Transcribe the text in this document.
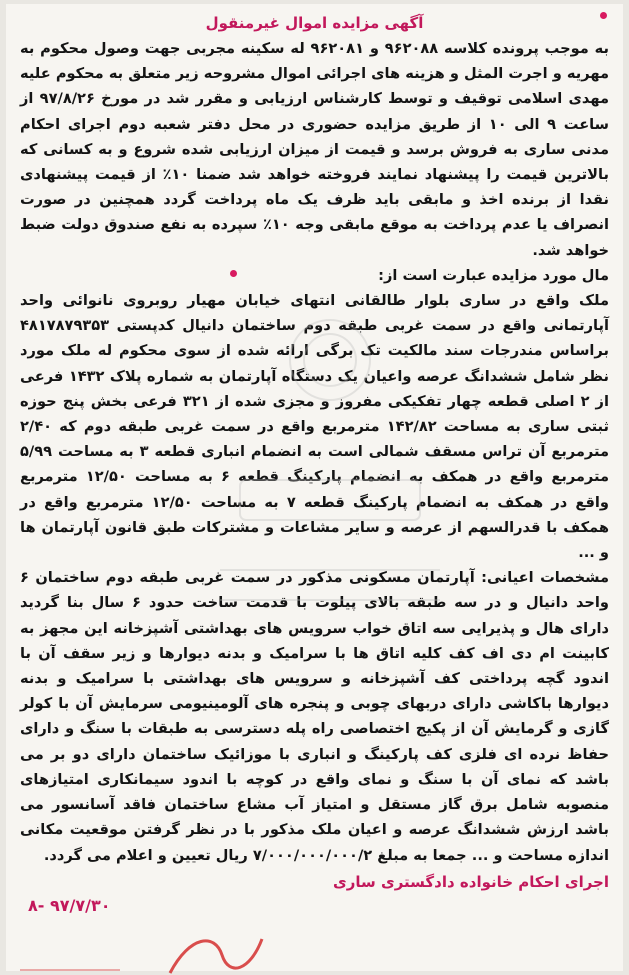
آگهی مزایده اموال غیرمنقول

به موجب پرونده کلاسه ۹۶۲۰۸۸ و ۹۶۲۰۸۱ له سکینه مجربی جهت وصول محکوم به مهریه و اجرت المثل و هزینه های اجرائی اموال مشروحه زیر متعلق به محکوم علیه مهدی اسلامی توقیف و توسط کارشناس ارزیابی و مقرر شد در مورخ ۹۷/۸/۲۶ از ساعت ۹ الی ۱۰ از طریق مزایده حضوری در محل دفتر شعبه دوم اجرای احکام مدنی ساری به فروش برسد و قیمت از میزان ارزیابی شده شروع و به کسانی که بالاترین قیمت را پیشنهاد نمایند فروخته خواهد شد ضمنا ۱۰٪ از قیمت پیشنهادی نقدا از برنده اخذ و مابقی باید ظرف یک ماه پرداخت گردد همچنین در صورت انصراف یا عدم پرداخت به موقع مابقی وجه ۱۰٪ سپرده به نفع صندوق دولت ضبط خواهد شد.

مال مورد مزایده عبارت است از:

ملک واقع در ساری بلوار طالقانی انتهای خیابان مهیار روبروی نانوائی واحد آپارتمانی واقع در سمت غربی طبقه دوم ساختمان دانیال کدپستی ۴۸۱۷۸۷۹۳۵۳ براساس مندرجات سند مالکیت تک برگی ارائه شده از سوی محکوم له ملک مورد نظر شامل ششدانگ عرصه واعیان یک دستگاه آپارتمان به شماره پلاک ۱۴۳۲ فرعی از ۲ اصلی قطعه چهار تفکیکی مفروز و مجزی شده از ۳۲۱ فرعی بخش پنج حوزه ثبتی ساری به مساحت ۱۴۲/۸۲ مترمربع واقع در سمت غربی طبقه دوم که ۲/۴۰ مترمربع آن تراس مسقف شمالی است به انضمام انباری قطعه ۳ به مساحت ۵/۹۹ مترمربع واقع در همکف به انضمام پارکینگ قطعه ۶ به مساحت ۱۲/۵۰ مترمربع واقع در همکف به انضمام پارکینگ قطعه ۷ به مساحت ۱۲/۵۰ مترمربع واقع در همکف با قدرالسهم از عرصه و سایر مشاعات و مشترکات طبق قانون آپارتمان ها و ...

مشخصات اعیانی: آپارتمان مسکونی مذکور در سمت غربی طبقه دوم ساختمان ۶ واحد دانیال و در سه طبقه بالای پیلوت با قدمت ساخت حدود ۶ سال بنا گردید دارای هال و پذیرایی سه اتاق خواب سرویس های بهداشتی آشپزخانه این مجهز به کابینت ام دی اف کف کلیه اتاق ها با سرامیک و بدنه دیوارها و زیر سقف آن با اندود گچه پرداختی کف آشپزخانه و سرویس های بهداشتی با سرامیک و بدنه دیوارها باکاشی دارای دربهای چوبی و پنجره های آلومینیومی سرمایش آن با کولر گازی و گرمایش آن از پکیج اختصاصی راه پله دسترسی به طبقات با سنگ و دارای حفاظ نرده ای فلزی کف پارکینگ و انباری با موزائیک ساختمان دارای دو بر می باشد که نمای آن با سنگ و نمای واقع در کوچه با اندود سیمانکاری امتیازهای منصوبه شامل برق گاز مستقل و امتیاز آب مشاع ساختمان فاقد آسانسور می باشد ارزش ششدانگ عرصه و اعیان ملک مذکور با در نظر گرفتن موقعیت مکانی اندازه مساحت و ... جمعا به مبلغ ۷/۰۰۰/۰۰۰/۰۰۰/۲ ریال تعیین و اعلام می گردد.

اجرای احکام خانواده دادگستری ساری
۸- ۹۷/۷/۳۰
